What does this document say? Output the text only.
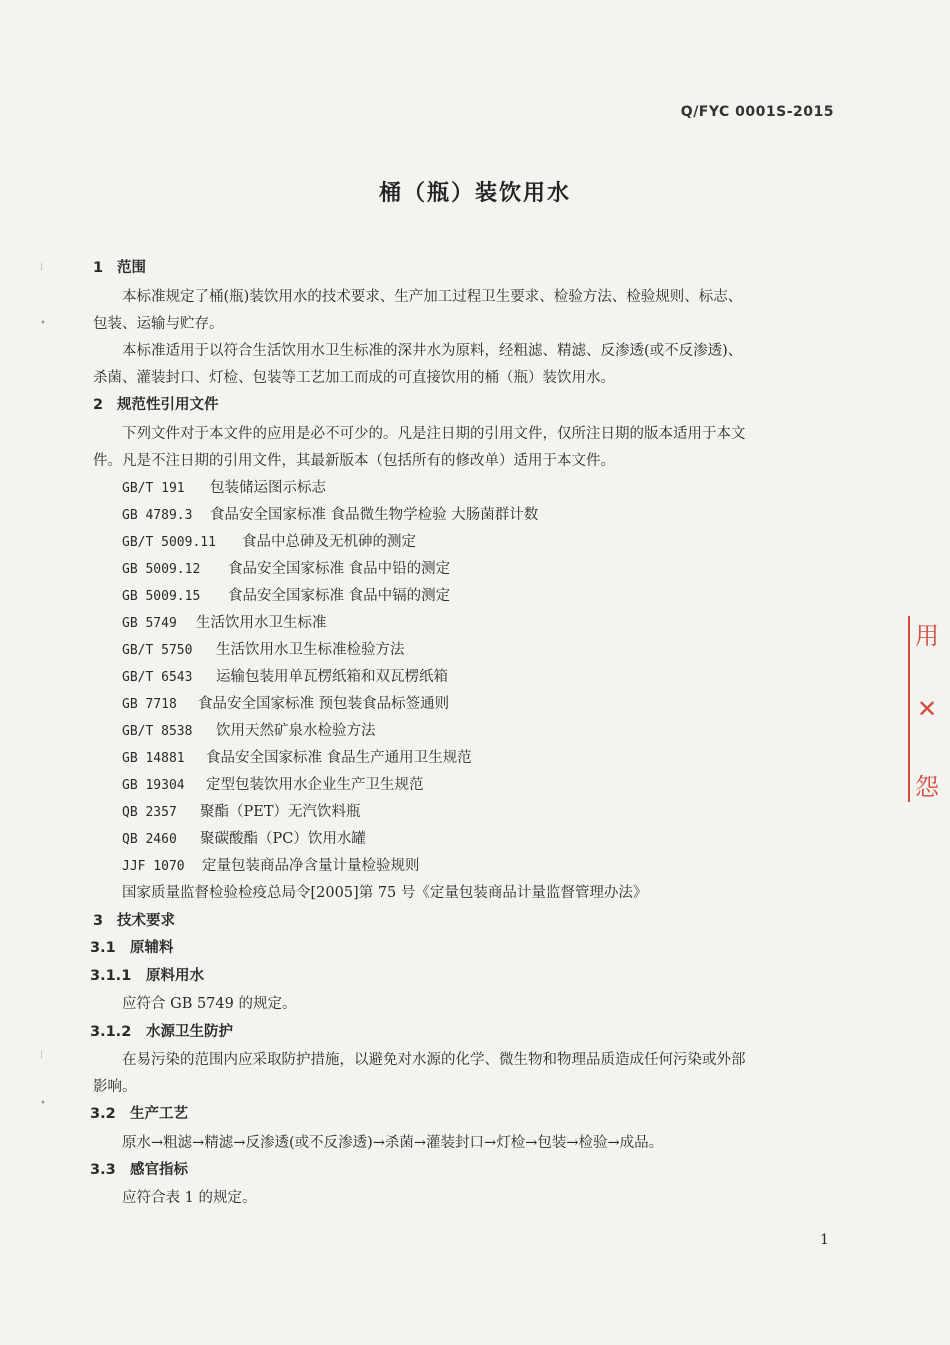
Q/FYC 0001S-2015
桶（瓶）装饮用水
1 范围
本标准规定了桶(瓶)装饮用水的技术要求、生产加工过程卫生要求、检验方法、检验规则、标志、
包装、运输与贮存。
本标准适用于以符合生活饮用水卫生标准的深井水为原料，经粗滤、精滤、反渗透(或不反渗透)、
杀菌、灌装封口、灯检、包装等工艺加工而成的可直接饮用的桶（瓶）装饮用水。
2 规范性引用文件
下列文件对于本文件的应用是必不可少的。凡是注日期的引用文件，仅所注日期的版本适用于本文
件。凡是不注日期的引用文件，其最新版本（包括所有的修改单）适用于本文件。
GB/T 191 包装储运图示标志
GB 4789.3 食品安全国家标准 食品微生物学检验 大肠菌群计数
GB/T 5009.11 食品中总砷及无机砷的测定
GB 5009.12 食品安全国家标准 食品中铅的测定
GB 5009.15 食品安全国家标准 食品中镉的测定
GB 5749 生活饮用水卫生标准
GB/T 5750 生活饮用水卫生标准检验方法
GB/T 6543 运输包装用单瓦楞纸箱和双瓦楞纸箱
GB 7718 食品安全国家标准 预包装食品标签通则
GB/T 8538 饮用天然矿泉水检验方法
GB 14881 食品安全国家标准 食品生产通用卫生规范
GB 19304 定型包装饮用水企业生产卫生规范
QB 2357 聚酯（PET）无汽饮料瓶
QB 2460 聚碳酸酯（PC）饮用水罐
JJF 1070 定量包装商品净含量计量检验规则
国家质量监督检验检疫总局令[2005]第 75 号《定量包装商品计量监督管理办法》
3 技术要求
3.1 原辅料
3.1.1 原料用水
应符合 GB 5749 的规定。
3.1.2 水源卫生防护
在易污染的范围内应采取防护措施，以避免对水源的化学、微生物和物理品质造成任何污染或外部
影响。
3.2 生产工艺
原水→粗滤→精滤→反渗透(或不反渗透)→杀菌→灌装封口→灯检→包装→检验→成品。
3.3 感官指标
应符合表 1 的规定。
1
用
✕
怨
⁝
•
⁝
•
